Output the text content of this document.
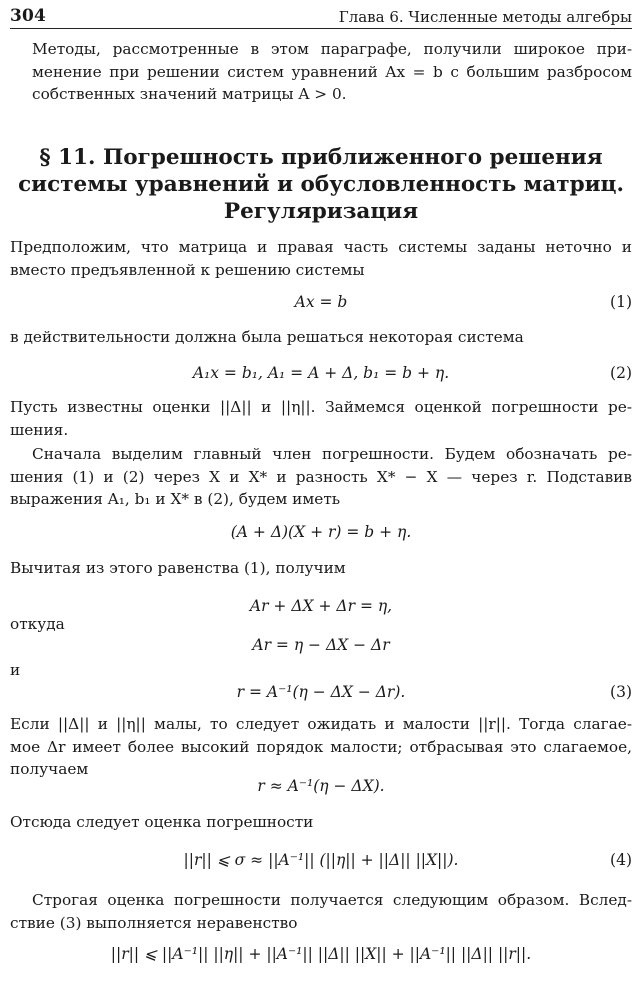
304	Глава 6. Численные методы алгебры
Методы, рассмотренные в этом параграфе, получили широкое при-
менение при решении систем уравнений Ax = b с большим разбросом
собственных значений матрицы A > 0.
§ 11. Погрешность приближенного решения
системы уравнений и обусловленность матриц.
Регуляризация
Предположим, что матрица и правая часть системы заданы неточно и
вместо предъявленной к решению системы
Ax = b	(1)
в действительности должна была решаться некоторая система
A₁x = b₁, A₁ = A + Δ, b₁ = b + η.	(2)
Пусть известны оценки ||Δ|| и ||η||. Займемся оценкой погрешности ре-
шения.
Сначала выделим главный член погрешности. Будем обозначать ре-
шения (1) и (2) через X и X* и разность X* − X — через r. Подставив
выражения A₁, b₁ и X* в (2), будем иметь
(A + Δ)(X + r) = b + η.
Вычитая из этого равенства (1), получим
Ar + ΔX + Δr = η,
откуда
Ar = η − ΔX − Δr
и
r = A⁻¹(η − ΔX − Δr).	(3)
Если ||Δ|| и ||η|| малы, то следует ожидать и малости ||r||. Тогда слагае-
мое Δr имеет более высокий порядок малости; отбрасывая это слагаемое,
получаем
r ≈ A⁻¹(η − ΔX).
Отсюда следует оценка погрешности
||r|| ⩽ σ ≈ ||A⁻¹|| (||η|| + ||Δ|| ||X||).	(4)
Строгая оценка погрешности получается следующим образом. Вслед-
ствие (3) выполняется неравенство
||r|| ⩽ ||A⁻¹|| ||η|| + ||A⁻¹|| ||Δ|| ||X|| + ||A⁻¹|| ||Δ|| ||r||.
